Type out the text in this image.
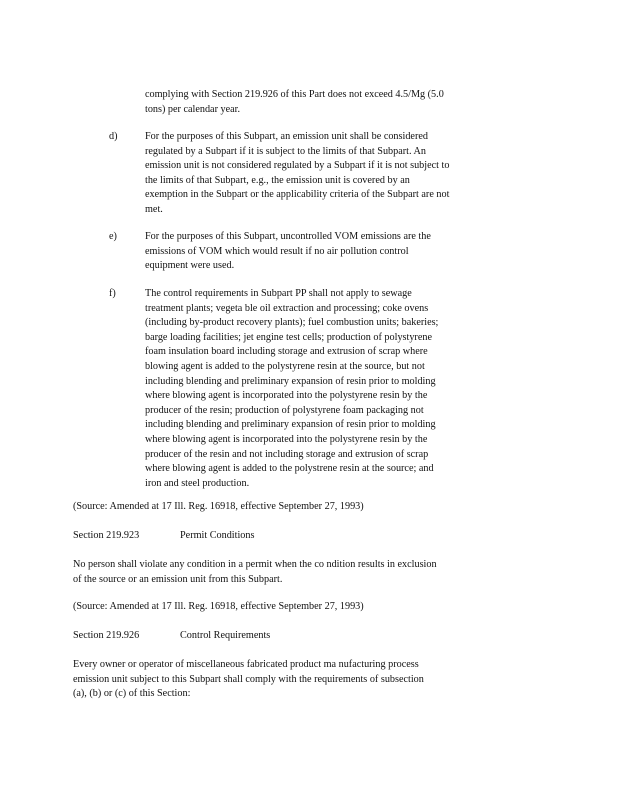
complying with Section 219.926 of this Part does not exceed 4.5/Mg (5.0
tons) per calendar year.
d)	For the purposes of this Subpart, an emission unit shall be considered
regulated by a Subpart if it is subject to the limits of that Subpart. An
emission unit is not considered regulated by a Subpart if it is not subject to
the limits of that Subpart, e.g., the emission unit is covered by an
exemption in the Subpart or the applicability criteria of the Subpart are not
met.
e)	For the purposes of this Subpart, uncontrolled VOM emissions are the
emissions of VOM which would result if no air pollution control
equipment were used.
f)	The control requirements in Subpart PP shall not apply to sewage
treatment plants; vegeta ble oil extraction and processing; coke ovens
(including by-product recovery plants); fuel combustion units; bakeries;
barge loading facilities; jet engine test cells; production of polystyrene
foam insulation board including storage and extrusion of scrap where
blowing agent is added to the polystyrene resin at the source, but not
including blending and preliminary expansion of resin prior to molding
where blowing agent is incorporated into the polystyrene resin by the
producer of the resin; production of polystyrene foam packaging not
including blending and preliminary expansion of resin prior to molding
where blowing agent is incorporated into the polystyrene resin by the
producer of the resin and not including storage and extrusion of scrap
where blowing agent is added to the polystrene resin at the source; and
iron and steel production.
(Source: Amended at 17 Ill. Reg. 16918, effective September 27, 1993)
Section 219.923	Permit Conditions
No person shall violate any condition in a permit when the co ndition results in exclusion
of the source or an emission unit from this Subpart.
(Source: Amended at 17 Ill. Reg. 16918, effective September 27, 1993)
Section 219.926	Control Requirements
Every owner or operator of miscellaneous fabricated product ma nufacturing process
emission unit subject to this Subpart shall comply with the requirements of subsection
(a), (b) or (c) of this Section:
